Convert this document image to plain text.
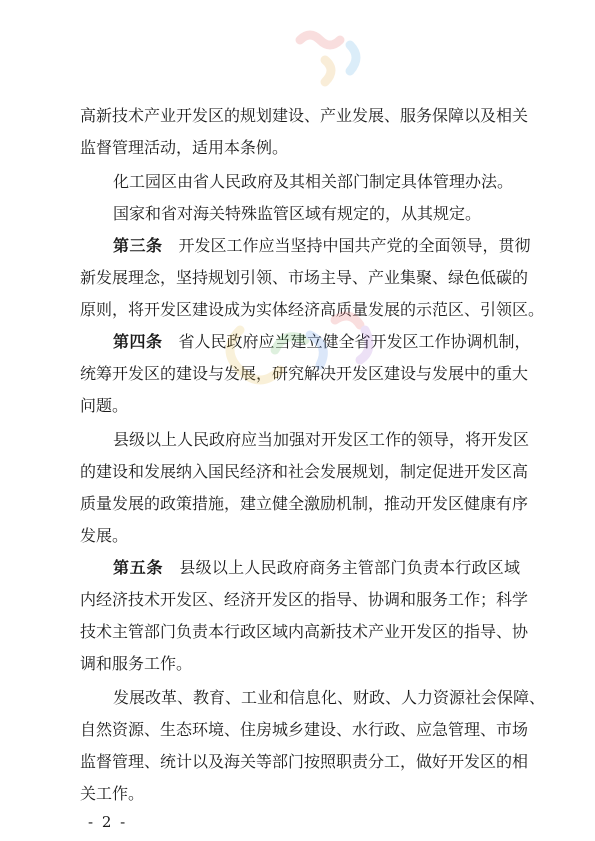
高新技术产业开发区的规划建设、产业发展、服务保障以及相关
监督管理活动，适用本条例。
化工园区由省人民政府及其相关部门制定具体管理办法。
国家和省对海关特殊监管区域有规定的，从其规定。
第三条 开发区工作应当坚持中国共产党的全面领导，贯彻
新发展理念，坚持规划引领、市场主导、产业集聚、绿色低碳的
原则，将开发区建设成为实体经济高质量发展的示范区、引领区。
第四条 省人民政府应当建立健全省开发区工作协调机制，
统筹开发区的建设与发展，研究解决开发区建设与发展中的重大
问题。
县级以上人民政府应当加强对开发区工作的领导，将开发区
的建设和发展纳入国民经济和社会发展规划，制定促进开发区高
质量发展的政策措施，建立健全激励机制，推动开发区健康有序
发展。
第五条 县级以上人民政府商务主管部门负责本行政区域
内经济技术开发区、经济开发区的指导、协调和服务工作；科学
技术主管部门负责本行政区域内高新技术产业开发区的指导、协
调和服务工作。
发展改革、教育、工业和信息化、财政、人力资源社会保障、
自然资源、生态环境、住房城乡建设、水行政、应急管理、市场
监督管理、统计以及海关等部门按照职责分工，做好开发区的相
关工作。
- 2 -
